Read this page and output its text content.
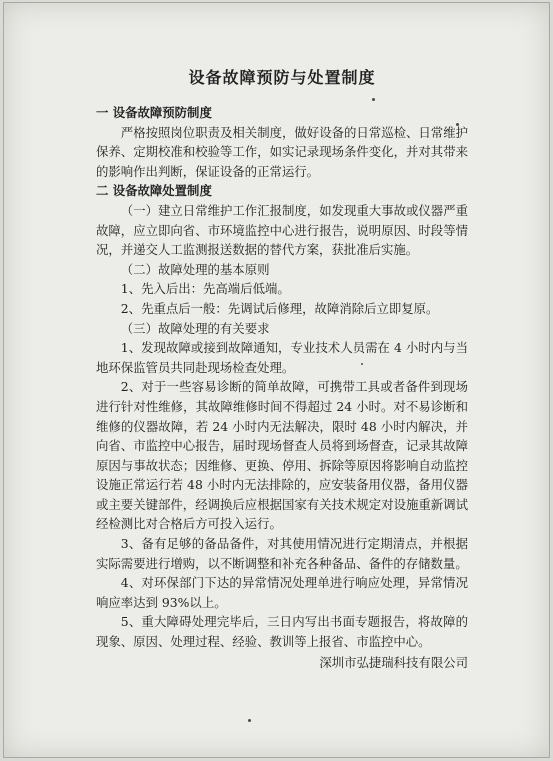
设备故障预防与处置制度

一 设备故障预防制度

严格按照岗位职责及相关制度，做好设备的日常巡检、日常维护保养、定期校准和校验等工作，如实记录现场条件变化，并对其带来的影响作出判断，保证设备的正常运行。

二 设备故障处置制度

（一）建立日常维护工作汇报制度，如发现重大事故或仪器严重故障，应立即向省、市环境监控中心进行报告，说明原因、时段等情况，并递交人工监测报送数据的替代方案，获批准后实施。

（二）故障处理的基本原则

1、先入后出：先高端后低端。

2、先重点后一般：先调试后修理，故障消除后立即复原。

（三）故障处理的有关要求

1、发现故障或接到故障通知，专业技术人员需在 4 小时内与当地环保监管员共同赴现场检查处理。

2、对于一些容易诊断的简单故障，可携带工具或者备件到现场进行针对性维修，其故障维修时间不得超过 24 小时。对不易诊断和维修的仪器故障，若 24 小时内无法解决，限时 48 小时内解决，并向省、市监控中心报告，届时现场督查人员将到场督查，记录其故障原因与事故状态；因维修、更换、停用、拆除等原因将影响自动监控设施正常运行若 48 小时内无法排除的，应安装备用仪器，备用仪器或主要关键部件，经调换后应根据国家有关技术规定对设施重新调试经检测比对合格后方可投入运行。

3、备有足够的备品备件，对其使用情况进行定期清点，并根据实际需要进行增购，以不断调整和补充各种备品、备件的存储数量。

4、对环保部门下达的异常情况处理单进行响应处理，异常情况响应率达到 93%以上。

5、重大障碍处理完毕后，三日内写出书面专题报告，将故障的现象、原因、处理过程、经验、教训等上报省、市监控中心。

深圳市弘捷瑞科技有限公司
